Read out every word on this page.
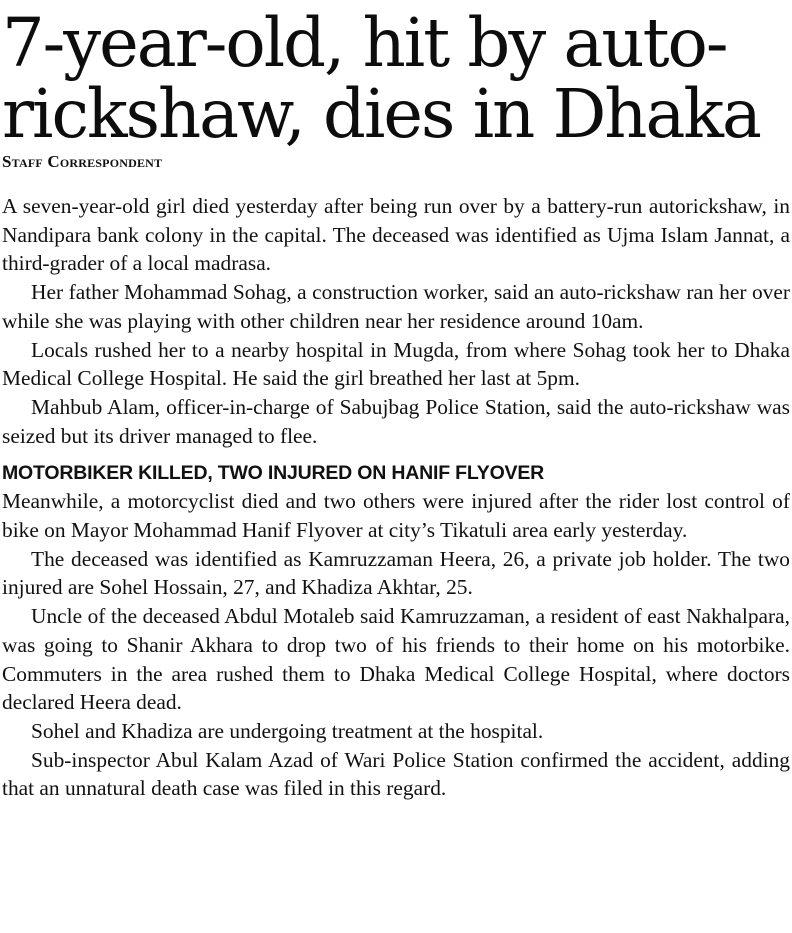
7-year-old, hit by auto-rickshaw, dies in Dhaka
Staff Correspondent

A seven-year-old girl died yesterday after being run over by a battery-run autorickshaw, in Nandipara bank colony in the capital. The deceased was identified as Ujma Islam Jannat, a third-grader of a local madrasa.

Her father Mohammad Sohag, a construction worker, said an auto-rickshaw ran her over while she was playing with other children near her residence around 10am.

Locals rushed her to a nearby hospital in Mugda, from where Sohag took her to Dhaka Medical College Hospital. He said the girl breathed her last at 5pm.

Mahbub Alam, officer-in-charge of Sabujbag Police Station, said the auto-rickshaw was seized but its driver managed to flee.

MOTORBIKER KILLED, TWO INJURED ON HANIF FLYOVER

Meanwhile, a motorcyclist died and two others were injured after the rider lost control of bike on Mayor Mohammad Hanif Flyover at city’s Tikatuli area early yesterday.

The deceased was identified as Kamruzzaman Heera, 26, a private job holder. The two injured are Sohel Hossain, 27, and Khadiza Akhtar, 25.

Uncle of the deceased Abdul Motaleb said Kamruzzaman, a resident of east Nakhalpara, was going to Shanir Akhara to drop two of his friends to their home on his motorbike. Commuters in the area rushed them to Dhaka Medical College Hospital, where doctors declared Heera dead.

Sohel and Khadiza are undergoing treatment at the hospital.

Sub-inspector Abul Kalam Azad of Wari Police Station confirmed the accident, adding that an unnatural death case was filed in this regard.
